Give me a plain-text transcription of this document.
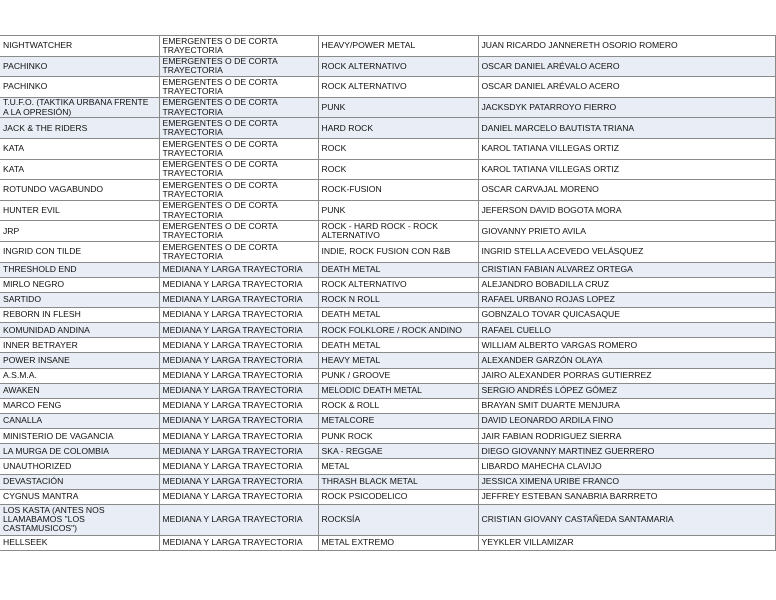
NIGHTWATCHER	EMERGENTES O DE CORTA TRAYECTORIA	HEAVY/POWER METAL	JUAN RICARDO JANNERETH OSORIO ROMERO
PACHINKO	EMERGENTES O DE CORTA TRAYECTORIA	ROCK ALTERNATIVO	OSCAR DANIEL ARÉVALO ACERO
PACHINKO	EMERGENTES O DE CORTA TRAYECTORIA	ROCK ALTERNATIVO	OSCAR DANIEL ARÉVALO ACERO
T.U.F.O. (TAKTIKA URBANA FRENTE A LA OPRESIÓN)	EMERGENTES O DE CORTA TRAYECTORIA	PUNK	JACKSDYK PATARROYO FIERRO
JACK & THE RIDERS	EMERGENTES O DE CORTA TRAYECTORIA	HARD ROCK	DANIEL MARCELO BAUTISTA TRIANA
KATA	EMERGENTES O DE CORTA TRAYECTORIA	ROCK	KAROL TATIANA VILLEGAS ORTIZ
KATA	EMERGENTES O DE CORTA TRAYECTORIA	ROCK	KAROL TATIANA VILLEGAS ORTIZ
ROTUNDO VAGABUNDO	EMERGENTES O DE CORTA TRAYECTORIA	ROCK-FUSION	OSCAR CARVAJAL MORENO
HUNTER EVIL	EMERGENTES O DE CORTA TRAYECTORIA	PUNK	JEFERSON DAVID BOGOTA MORA
JRP	EMERGENTES O DE CORTA TRAYECTORIA	ROCK - HARD ROCK - ROCK ALTERNATIVO	GIOVANNY PRIETO AVILA
INGRID CON TILDE	EMERGENTES O DE CORTA TRAYECTORIA	INDIE, ROCK FUSION CON R&B	INGRID STELLA ACEVEDO VELÁSQUEZ
THRESHOLD END	MEDIANA Y LARGA TRAYECTORIA	DEATH METAL	CRISTIAN FABIAN ALVAREZ ORTEGA
MIRLO NEGRO	MEDIANA Y LARGA TRAYECTORIA	ROCK ALTERNATIVO	ALEJANDRO BOBADILLA CRUZ
SARTIDO	MEDIANA Y LARGA TRAYECTORIA	ROCK N ROLL	RAFAEL URBANO ROJAS LOPEZ
REBORN IN FLESH	MEDIANA Y LARGA TRAYECTORIA	DEATH METAL	GOBNZALO TOVAR QUICASAQUE
KOMUNIDAD ANDINA	MEDIANA Y LARGA TRAYECTORIA	ROCK FOLKLORE / ROCK ANDINO	RAFAEL CUELLO
INNER BETRAYER	MEDIANA Y LARGA TRAYECTORIA	DEATH METAL	WILLIAM ALBERTO VARGAS ROMERO
POWER INSANE	MEDIANA Y LARGA TRAYECTORIA	HEAVY METAL	ALEXANDER GARZÓN OLAYA
A.S.M.A.	MEDIANA Y LARGA TRAYECTORIA	PUNK / GROOVE	JAIRO ALEXANDER PORRAS GUTIERREZ
AWAKEN	MEDIANA Y LARGA TRAYECTORIA	MELODIC DEATH METAL	SERGIO ANDRÉS LÓPEZ GÓMEZ
MARCO FENG	MEDIANA Y LARGA TRAYECTORIA	ROCK & ROLL	BRAYAN SMIT DUARTE MENJURA
CANALLA	MEDIANA Y LARGA TRAYECTORIA	METALCORE	DAVID LEONARDO ARDILA FINO
MINISTERIO DE VAGANCIA	MEDIANA Y LARGA TRAYECTORIA	PUNK ROCK	JAIR FABIAN RODRIGUEZ SIERRA
LA MURGA DE COLOMBIA	MEDIANA Y LARGA TRAYECTORIA	SKA - REGGAE	DIEGO GIOVANNY MARTINEZ GUERRERO
UNAUTHORIZED	MEDIANA Y LARGA TRAYECTORIA	METAL	LIBARDO MAHECHA CLAVIJO
DEVASTACIÓN	MEDIANA Y LARGA TRAYECTORIA	THRASH BLACK METAL	JESSICA XIMENA URIBE FRANCO
CYGNUS MANTRA	MEDIANA Y LARGA TRAYECTORIA	ROCK PSICODELICO	JEFFREY ESTEBAN SANABRIA BARRRETO
LOS KASTA (ANTES NOS LLAMABAMOS "LOS CASTAMUSICOS")	MEDIANA Y LARGA TRAYECTORIA	ROCKSÍA	CRISTIAN GIOVANY CASTAÑEDA SANTAMARIA
HELLSEEK	MEDIANA Y LARGA TRAYECTORIA	METAL EXTREMO	YEYKLER VILLAMIZAR
